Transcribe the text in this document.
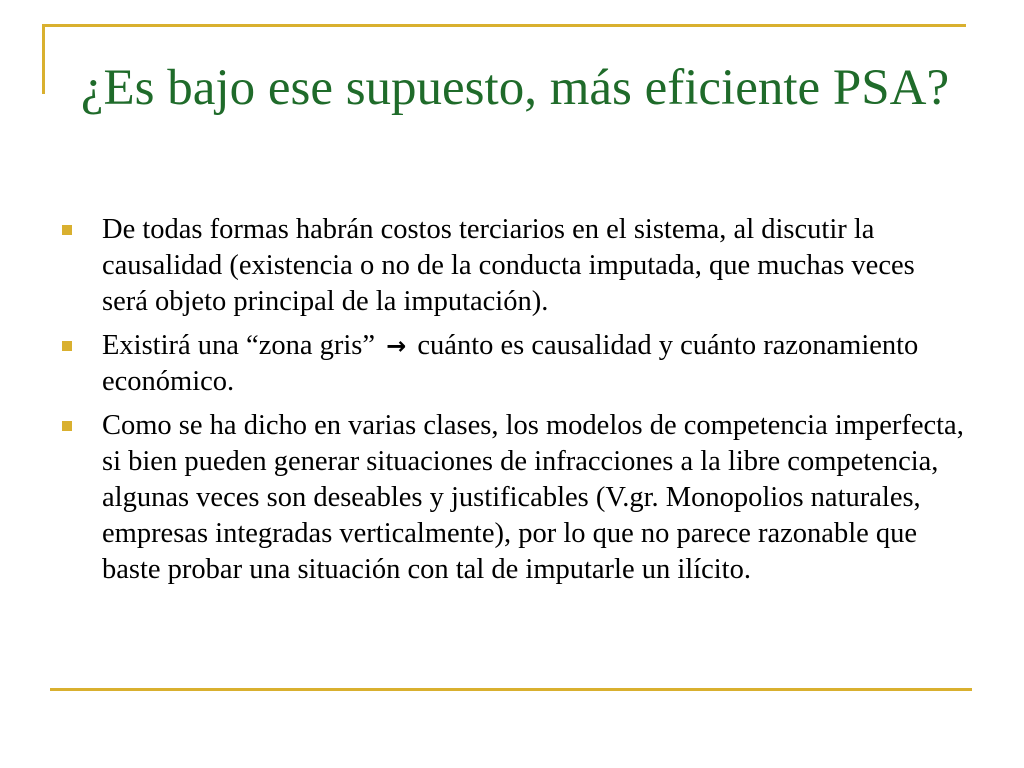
¿Es bajo ese supuesto, más eficiente PSA?
De todas formas habrán costos terciarios en el sistema, al discutir la causalidad (existencia o no de la conducta imputada, que muchas veces será objeto principal de la imputación).
Existirá una “zona gris” → cuánto es causalidad y cuánto razonamiento económico.
Como se ha dicho en varias clases, los modelos de competencia imperfecta, si bien pueden generar situaciones de infracciones a la libre competencia, algunas veces son deseables y justificables (V.gr. Monopolios naturales, empresas integradas verticalmente), por lo que no parece razonable que baste probar una situación con tal de imputarle un ilícito.
